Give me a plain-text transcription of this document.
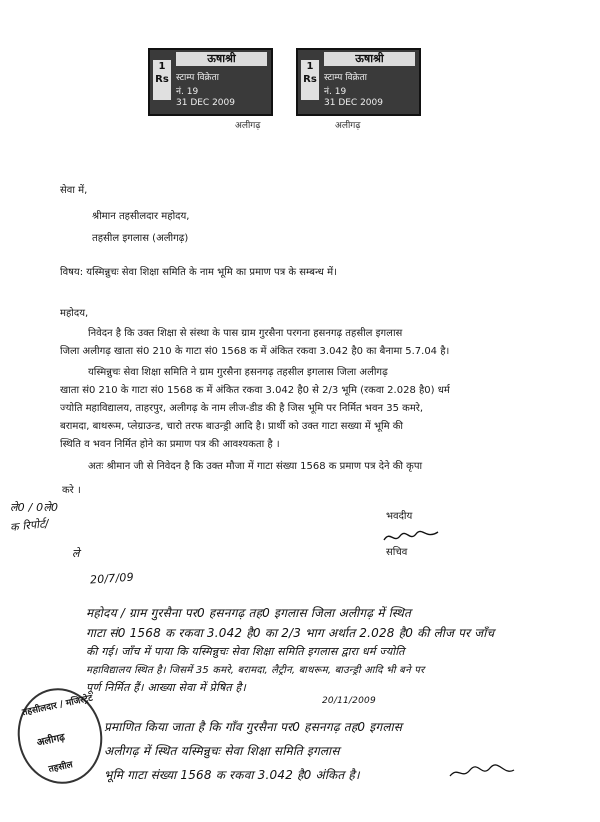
1 Rs
ऊषाश्री
स्टाम्प विक्रेता
नं. 19
31 DEC 2009
अलीगढ़
1 Rs
ऊषाश्री
स्टाम्प विक्रेता
नं. 19
31 DEC 2009
अलीगढ़
सेवा में,
श्रीमान तहसीलदार महोदय,
तहसील इगलास (अलीगढ़)
विषय: यस्मिन्नुचः सेवा शिक्षा समिति के नाम भूमि का प्रमाण पत्र के सम्बन्ध में।
महोदय,
निवेदन है कि उक्त शिक्षा से संस्था के पास ग्राम गुरसैना परगना हसनगढ़ तहसील इगलास
जिला अलीगढ़ खाता सं0 210 के गाटा सं0 1568 क में अंकित रकवा 3.042 है0 का बैनामा 5.7.04 है।
यस्मिन्नुचः सेवा शिक्षा समिति ने ग्राम गुरसैना हसनगढ़ तहसील इगलास जिला अलीगढ़
खाता सं0 210 के गाटा सं0 1568 क में अंकित रकवा 3.042 है0 से 2/3 भूमि (रकवा 2.028 है0) धर्म
ज्योति महाविद्यालय, ताहरपुर, अलीगढ़ के नाम लीज-डीड की है जिस भूमि पर निर्मित भवन 35 कमरे,
बरामदा, बाथरूम, प्लेग्राउन्ड, चारो तरफ बाउन्ड्री आदि है। प्रार्थी को उक्त गाटा सख्या में भूमि की
स्थिति व भवन निर्मित होने का प्रमाण पत्र की आवश्यकता है ।
अतः श्रीमान जी से निवेदन है कि उक्त मौजा में गाटा संख्या 1568 क प्रमाण पत्र देने की कृपा
करे ।
भवदीय
सचिव
ले0 / 0ले0
क रिपोर्ट/
ले
20/7/09
महोदय / ग्राम गुरसैना पर0 हसनगढ़ तह0 इगलास जिला अलीगढ़ में स्थित
गाटा सं0 1568 क रकवा 3.042 है0 का 2/3 भाग अर्थात 2.028 है0 की लीज पर जाँच
की गई। जाँच में पाया कि यस्मिन्नुचः सेवा शिक्षा समिति इगलास द्वारा धर्म ज्योति
महाविद्यालय स्थित है। जिसमें 35 कमरे, बरामदा, लैट्रीन, बाथरूम, बाउन्ड्री आदि भी बने पर
पूर्ण निर्मित हैं। आख्या सेवा में प्रेषित है।
20/11/2009
तहसीलदार / मजिस्ट्रेट
अलीगढ़
तहसील
प्रमाणित किया जाता है कि गाँव गुरसैना पर0 हसनगढ़ तह0 इगलास
अलीगढ़ में स्थित यस्मिन्नुचः सेवा शिक्षा समिति इगलास
भूमि गाटा संख्या 1568 क रकवा 3.042 है0 अंकित है।
